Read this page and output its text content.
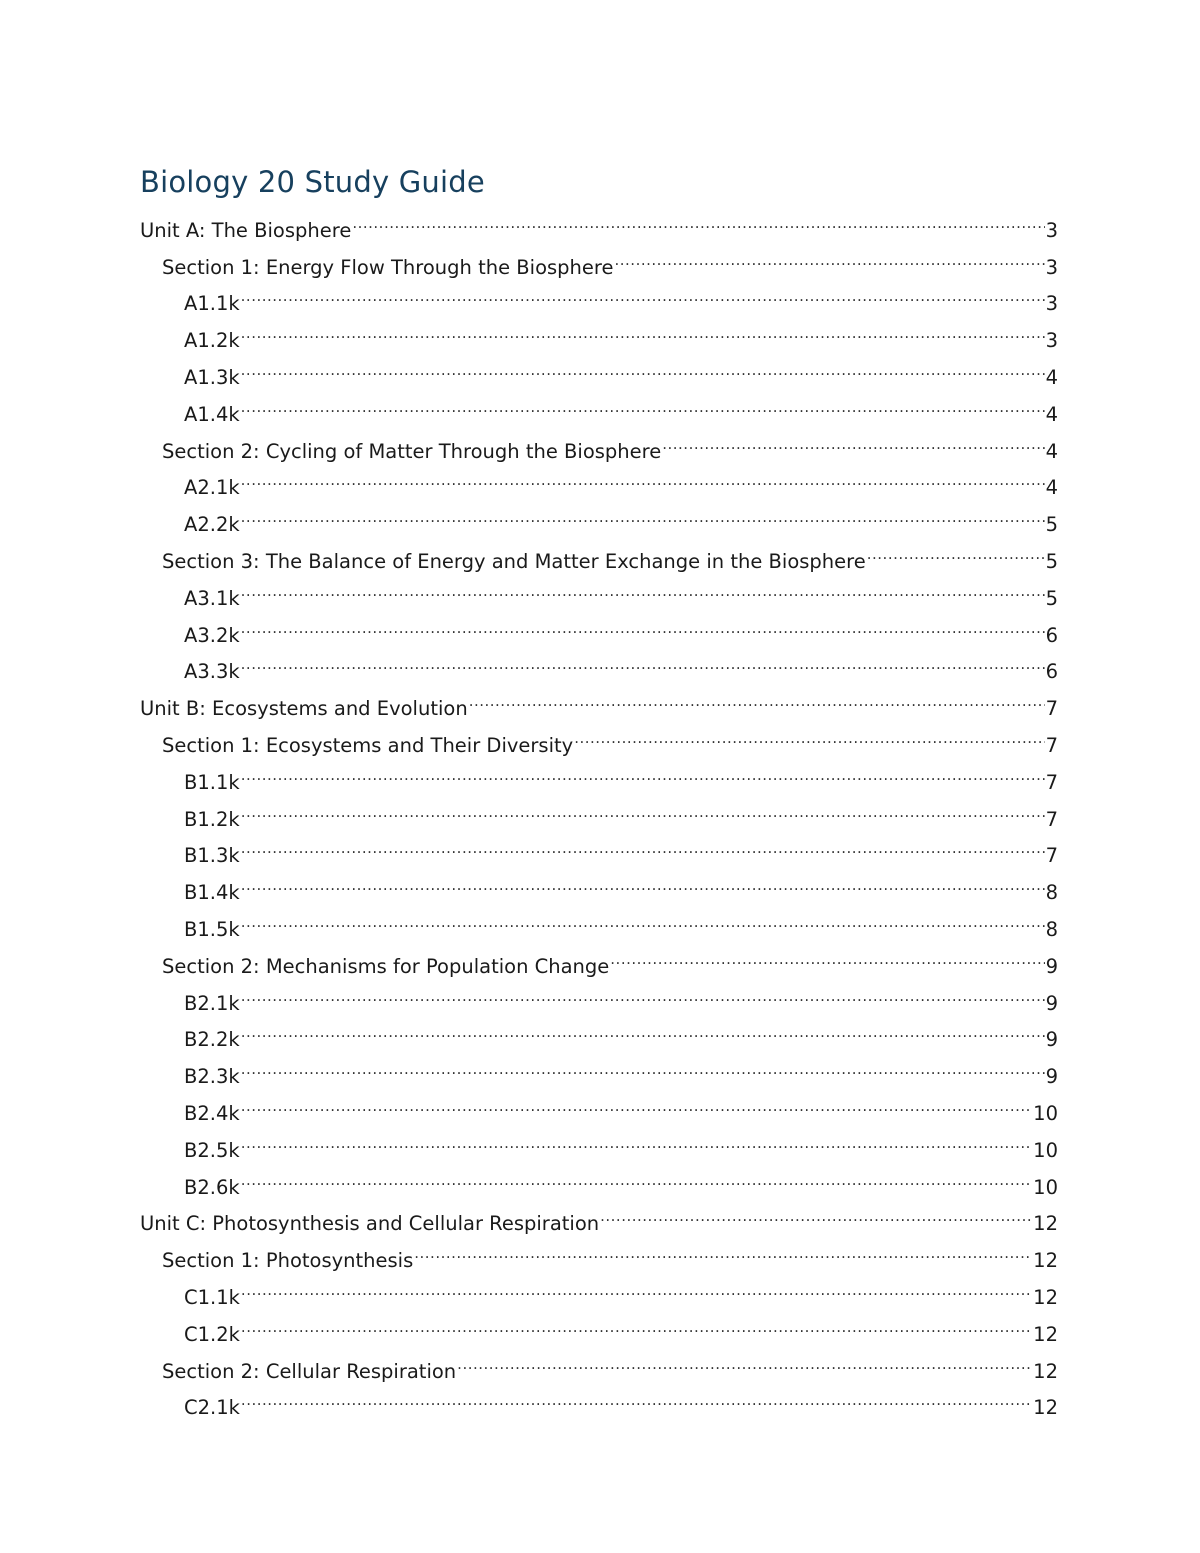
Biology 20 Study Guide
Unit A: The Biosphere .....	3
Section 1: Energy Flow Through the Biosphere .....	3
A1.1k .....	3
A1.2k .....	3
A1.3k .....	4
A1.4k .....	4
Section 2: Cycling of Matter Through the Biosphere .....	4
A2.1k .....	4
A2.2k .....	5
Section 3: The Balance of Energy and Matter Exchange in the Biosphere .....	5
A3.1k .....	5
A3.2k .....	6
A3.3k .....	6
Unit B: Ecosystems and Evolution .....	7
Section 1: Ecosystems and Their Diversity .....	7
B1.1k .....	7
B1.2k .....	7
B1.3k .....	7
B1.4k .....	8
B1.5k .....	8
Section 2: Mechanisms for Population Change .....	9
B2.1k .....	9
B2.2k .....	9
B2.3k .....	9
B2.4k .....	10
B2.5k .....	10
B2.6k .....	10
Unit C: Photosynthesis and Cellular Respiration .....	12
Section 1: Photosynthesis .....	12
C1.1k .....	12
C1.2k .....	12
Section 2: Cellular Respiration .....	12
C2.1k .....	12
